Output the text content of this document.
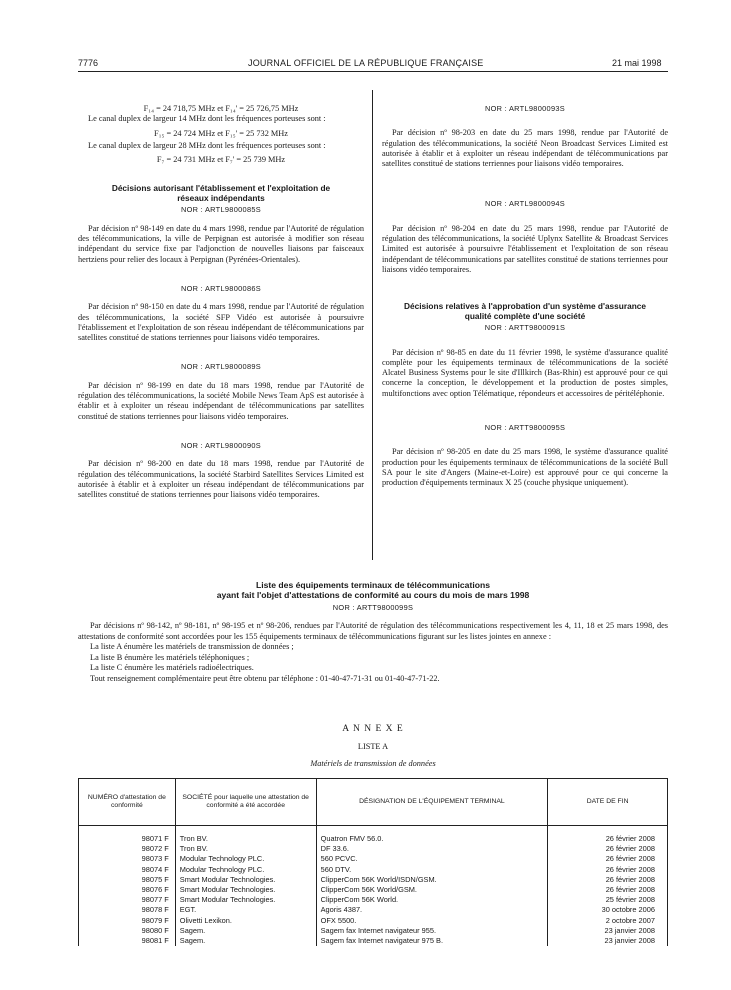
7776	JOURNAL OFFICIEL DE LA RÉPUBLIQUE FRANÇAISE	21 mai 1998

F₁₄ = 24 718,75 MHz et F₁₄' = 25 726,75 MHz

Le canal duplex de largeur 14 MHz dont les fréquences porteuses sont :

F₁₅ = 24 724 MHz et F₁₅' = 25 732 MHz

Le canal duplex de largeur 28 MHz dont les fréquences porteuses sont :

F₇ = 24 731 MHz et F₇' = 25 739 MHz

Décisions autorisant l'établissement et l'exploitation de réseaux indépendants
NOR : ARTL9800085S

Par décision nº 98-149 en date du 4 mars 1998, rendue par l'Autorité de régulation des télécommunications, la ville de Perpignan est autorisée à modifier son réseau indépendant du service fixe par l'adjonction de nouvelles liaisons par faisceaux hertziens pour relier des locaux à Perpignan (Pyrénées-Orientales).

NOR : ARTL9800086S

Par décision nº 98-150 en date du 4 mars 1998, rendue par l'Autorité de régulation des télécommunications, la société SFP Vidéo est autorisée à poursuivre l'établissement et l'exploitation de son réseau indépendant de télécommunications par satellites constitué de stations terriennes pour liaisons vidéo temporaires.

NOR : ARTL9800089S

Par décision nº 98-199 en date du 18 mars 1998, rendue par l'Autorité de régulation des télécommunications, la société Mobile News Team ApS est autorisée à établir et à exploiter un réseau indépendant de télécommunications par satellites constitué de stations terriennes pour liaisons vidéo temporaires.

NOR : ARTL9800090S

Par décision nº 98-200 en date du 18 mars 1998, rendue par l'Autorité de régulation des télécommunications, la société Starbird Satellites Services Limited est autorisée à établir et à exploiter un réseau indépendant de télécommunications par satellites constitué de stations terriennes pour liaisons vidéo temporaires.

NOR : ARTL9800093S

Par décision nº 98-203 en date du 25 mars 1998, rendue par l'Autorité de régulation des télécommunications, la société Neon Broadcast Services Limited est autorisée à établir et à exploiter un réseau indépendant de télécommunications par satellites constitué de stations terriennes pour liaisons vidéo temporaires.

NOR : ARTL9800094S

Par décision nº 98-204 en date du 25 mars 1998, rendue par l'Autorité de régulation des télécommunications, la société Uplynx Satellite & Broadcast Services Limited est autorisée à poursuivre l'établissement et l'exploitation de son réseau indépendant de télécommunications par satellites constitué de stations terriennes pour liaisons vidéo temporaires.

Décisions relatives à l'approbation d'un système d'assurance qualité complète d'une société
NOR : ARTT9800091S

Par décision nº 98-85 en date du 11 février 1998, le système d'assurance qualité complète pour les équipements terminaux de télécommunications de la société Alcatel Business Systems pour le site d'Illkirch (Bas-Rhin) est approuvé pour ce qui concerne la conception, le développement et la production de postes simples, multifonctions avec option Télématique, répondeurs et accessoires de péritéléphonie.

NOR : ARTT9800095S

Par décision nº 98-205 en date du 25 mars 1998, le système d'assurance qualité production pour les équipements terminaux de télécommunications de la société Bull SA pour le site d'Angers (Maine-et-Loire) est approuvé pour ce qui concerne la production d'équipements terminaux X 25 (couche physique uniquement).

Liste des équipements terminaux de télécommunications
ayant fait l'objet d'attestations de conformité au cours du mois de mars 1998
NOR : ARTT9800099S

Par décisions nº 98-142, nº 98-181, nº 98-195 et nº 98-206, rendues par l'Autorité de régulation des télécommunications respectivement les 4, 11, 18 et 25 mars 1998, des attestations de conformité sont accordées pour les 155 équipements terminaux de télécommunications figurant sur les listes jointes en annexe :

La liste A énumère les matériels de transmission de données ;

La liste B énumère les matériels téléphoniques ;

La liste C énumère les matériels radioélectriques.

Tout renseignement complémentaire peut être obtenu par téléphone : 01-40-47-71-31 ou 01-40-47-71-22.

A N N E X E
LISTE A
Matériels de transmission de données
NUMÉRO d'attestation de conformité	SOCIÉTÉ pour laquelle une attestation de conformité a été accordée	DÉSIGNATION DE L'ÉQUIPEMENT TERMINAL	DATE DE FIN

98071 F	Tron BV.	Quatron FMV 56.0.	26 février 2008
98072 F	Tron BV.	DF 33.6.	26 février 2008
98073 F	Modular Technology PLC.	560 PCVC.	26 février 2008
98074 F	Modular Technology PLC.	560 DTV.	26 février 2008
98075 F	Smart Modular Technologies.	ClipperCom 56K World/ISDN/GSM.	26 février 2008
98076 F	Smart Modular Technologies.	ClipperCom 56K World/GSM.	26 février 2008
98077 F	Smart Modular Technologies.	ClipperCom 56K World.	25 février 2008
98078 F	EGT.	Agoris 4387.	30 octobre 2006
98079 F	Olivetti Lexikon.	OFX 5500.	2 octobre 2007
98080 F	Sagem.	Sagem fax Internet navigateur 955.	23 janvier 2008
98081 F	Sagem.	Sagem fax Internet navigateur 975 B.	23 janvier 2008
